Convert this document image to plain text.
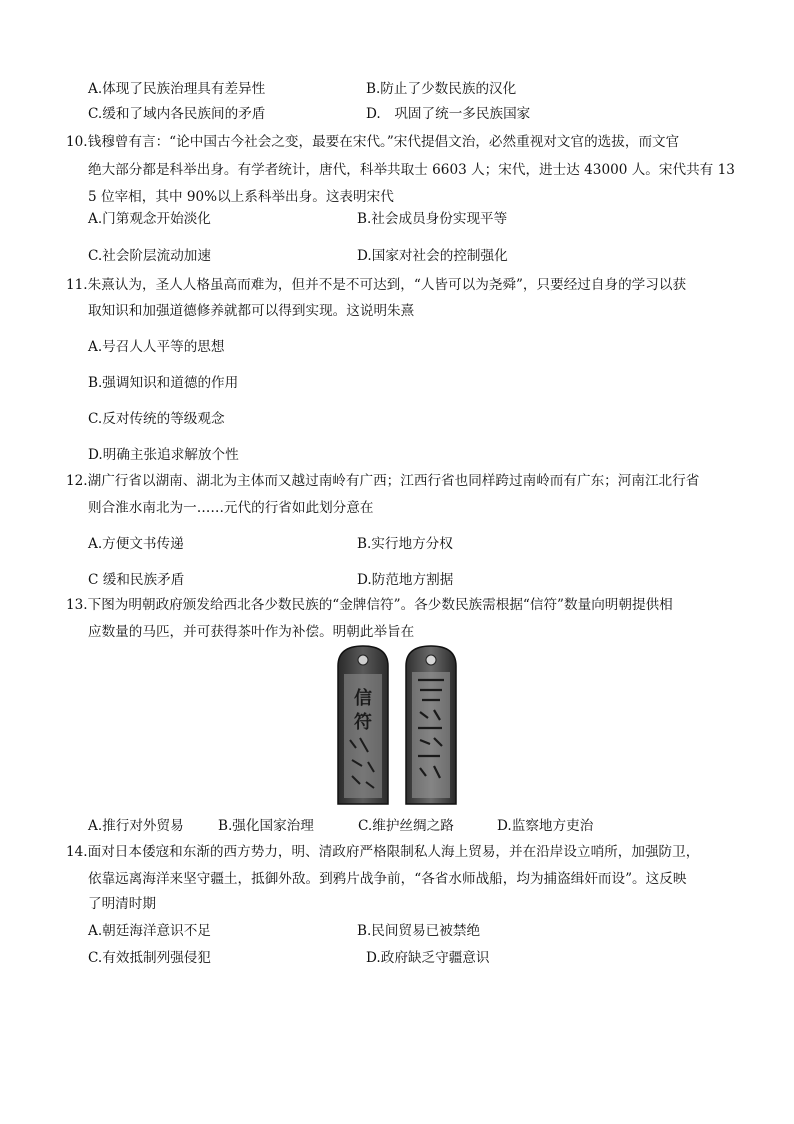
A.体现了民族治理具有差异性	B.防止了少数民族的汉化
C.缓和了域内各民族间的矛盾	D.　巩固了统一多民族国家
10.钱穆曾有言：“论中国古今社会之变，最要在宋代。”宋代提倡文治，必然重视对文官的选拔，而文官
绝大部分都是科举出身。有学者统计，唐代，科举共取士 6603 人；宋代，进士达 43000 人。宋代共有 13
5 位宰相，其中 90%以上系科举出身。这表明宋代
A.门第观念开始淡化	B.社会成员身份实现平等
C.社会阶层流动加速	D.国家对社会的控制强化
11.朱熹认为，圣人人格虽高而难为，但并不是不可达到，“人皆可以为尧舜”，只要经过自身的学习以获
取知识和加强道德修养就都可以得到实现。这说明朱熹
A.号召人人平等的思想
B.强调知识和道德的作用
C.反对传统的等级观念
D.明确主张追求解放个性
12.湖广行省以湖南、湖北为主体而又越过南岭有广西；江西行省也同样跨过南岭而有广东；河南江北行省
则合淮水南北为一……元代的行省如此划分意在
A.方便文书传递	B.实行地方分权
C 缓和民族矛盾	D.防范地方割据
13.下图为明朝政府颁发给西北各少数民族的“金牌信符”。各少数民族需根据“信符”数量向明朝提供相
应数量的马匹，并可获得茶叶作为补偿。明朝此举旨在
信
符
A.推行对外贸易	B.强化国家治理	C.维护丝绸之路	D.监察地方吏治
14.面对日本倭寇和东渐的西方势力，明、清政府严格限制私人海上贸易，并在沿岸设立哨所，加强防卫，
依靠远离海洋来坚守疆土，抵御外敌。到鸦片战争前，“各省水师战船，均为捕盗缉奸而设”。这反映
了明清时期
A.朝廷海洋意识不足	B.民间贸易已被禁绝
C.有效抵制列强侵犯	D.政府缺乏守疆意识
